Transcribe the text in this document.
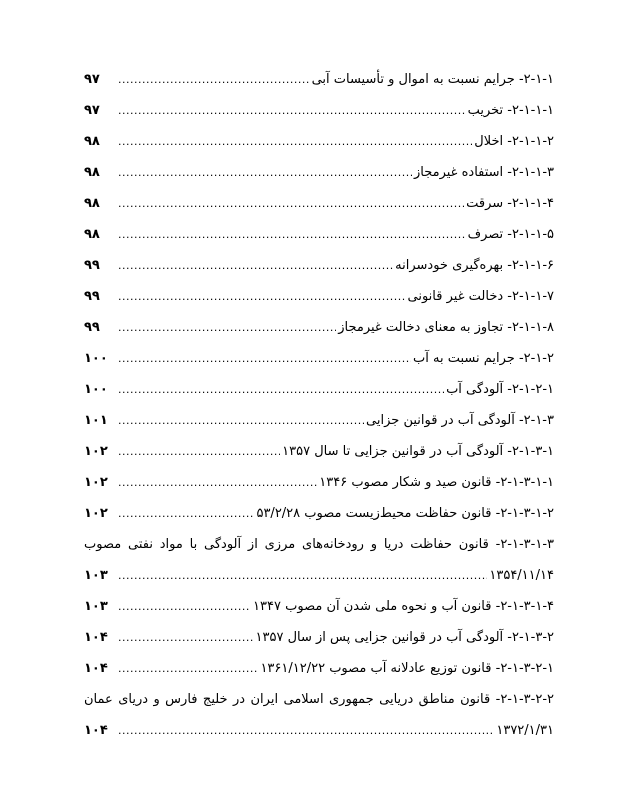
۹۷ .....	۲-۱-۱- جرایم نسبت به اموال و تأسیسات آبی
۹۷ .....	۲-۱-۱-۱- تخریب
۹۸ .....	۲-۱-۱-۲- اخلال
۹۸ .....	۲-۱-۱-۳- استفاده غیرمجاز
۹۸ .....	۲-۱-۱-۴- سرقت
۹۸ .....	۲-۱-۱-۵- تصرف
۹۹ .....	۲-۱-۱-۶- بهره‌گیری خودسرانه
۹۹ .....	۲-۱-۱-۷- دخالت غیر قانونی
۹۹ .....	۲-۱-۱-۸- تجاوز به معنای دخالت غیرمجاز
۱۰۰ .....	۲-۱-۲- جرایم نسبت به آب
۱۰۰ .....	۲-۱-۲-۱- آلودگی آب
۱۰۱ .....	۲-۱-۳- آلودگی آب در قوانین جزایی
۱۰۲ .....	۲-۱-۳-۱- آلودگی آب در قوانین جزایی تا سال ۱۳۵۷
۱۰۲ .....	۲-۱-۳-۱-۱- قانون صید و شکار مصوب ۱۳۴۶
۱۰۲ .....	۲-۱-۳-۱-۲- قانون حفاظت محیط‌زیست مصوب ۵۳/۲/۲۸
۲-۱-۳-۱-۳- قانون حفاظت دریا و رودخانه‌های مرزی از آلودگی با مواد نفتی مصوب
۱۰۳ .....	۱۳۵۴/۱۱/۱۴
۱۰۳ .....	۲-۱-۳-۱-۴- قانون آب و نحوه ملی شدن آن مصوب ۱۳۴۷
۱۰۴ .....	۲-۱-۳-۲- آلودگی آب در قوانین جزایی پس از سال ۱۳۵۷
۱۰۴ .....	۲-۱-۳-۲-۱- قانون توزیع عادلانه آب مصوب ۱۳۶۱/۱۲/۲۲
۲-۱-۳-۲-۲- قانون مناطق دریایی جمهوری اسلامی ایران در خلیج فارس و دریای عمان
۱۰۴ .....	۱۳۷۲/۱/۳۱
